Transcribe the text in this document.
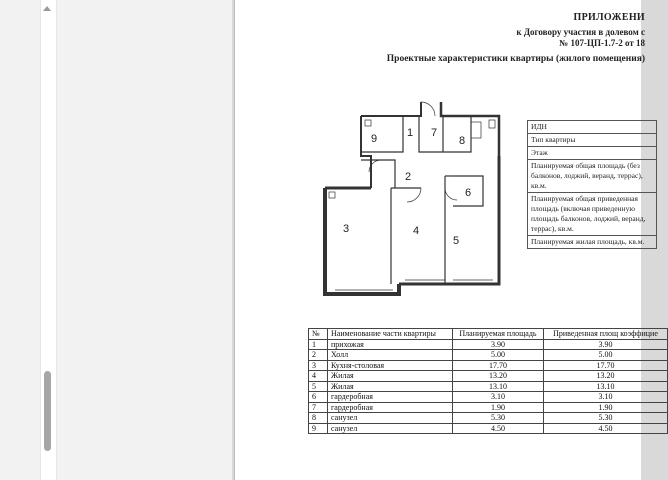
ПРИЛОЖЕНИ
к Договору участия в долевом с
№ 107-ЦП-1.7-2 от 18
Проектные характеристики квартиры (жилого помещения)
9	1 7
8
2
6
3	4
5
ИДН
Тип квартиры
Этаж
Планируемая общая площадь (без балконов, лоджий, веранд, террас), кв.м.
Планируемая общая приведенная площадь (включая приведенную площадь балконов, лоджий, веранд, террас), кв.м.
Планируемая жилая площадь, кв.м.
№	Наименование части квартиры	Планируемая площадь	Приведенная площ коэффицие
1	прихожая	3.90	3.90
2	Холл	5.00	5.00
3	Кухня-столовая	17.70	17.70
4	Жилая	13.20	13.20
5	Жилая	13.10	13.10
6	гардеробная	3.10	3.10
7	гардеробная	1.90	1.90
8	санузел	5.30	5.30
9	санузел	4.50	4.50
